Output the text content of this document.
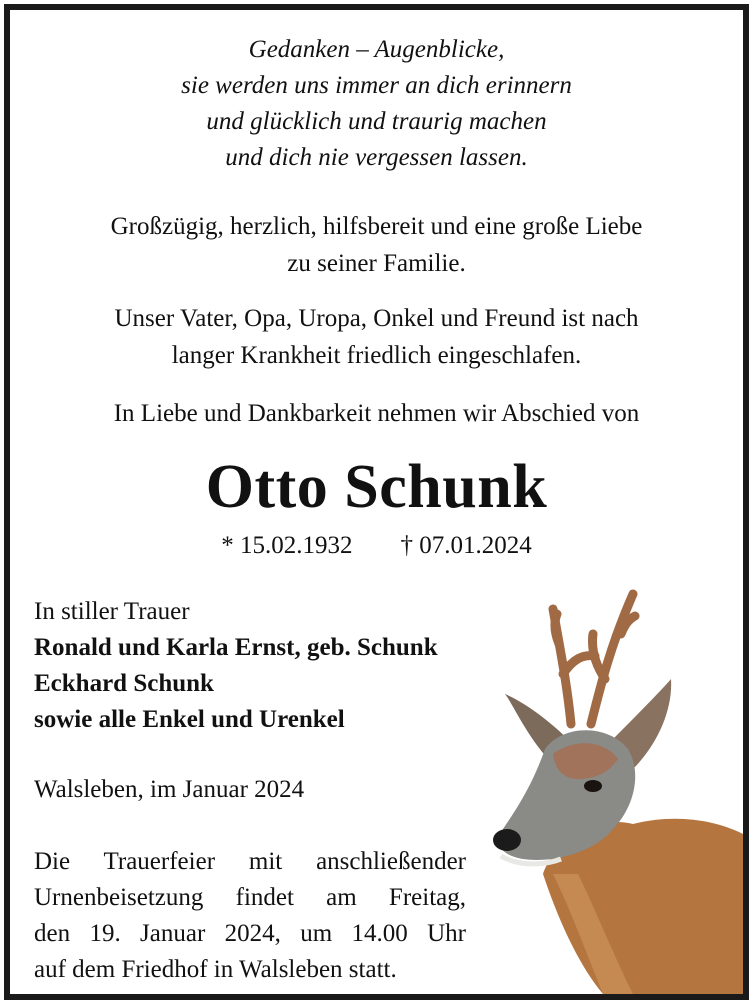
Gedanken – Augenblicke,
sie werden uns immer an dich erinnern
und glücklich und traurig machen
und dich nie vergessen lassen.
Großzügig, herzlich, hilfsbereit und eine große Liebe
zu seiner Familie.
Unser Vater, Opa, Uropa, Onkel und Freund ist nach
langer Krankheit friedlich eingeschlafen.
In Liebe und Dankbarkeit nehmen wir Abschied von
Otto Schunk
* 15.02.1932 † 07.01.2024
In stiller Trauer
Ronald und Karla Ernst, geb. Schunk
Eckhard Schunk
sowie alle Enkel und Urenkel
Walsleben, im Januar 2024
Die Trauerfeier mit anschließender
Urnenbeisetzung findet am Freitag,
den 19. Januar 2024, um 14.00 Uhr
auf dem Friedhof in Walsleben statt.
